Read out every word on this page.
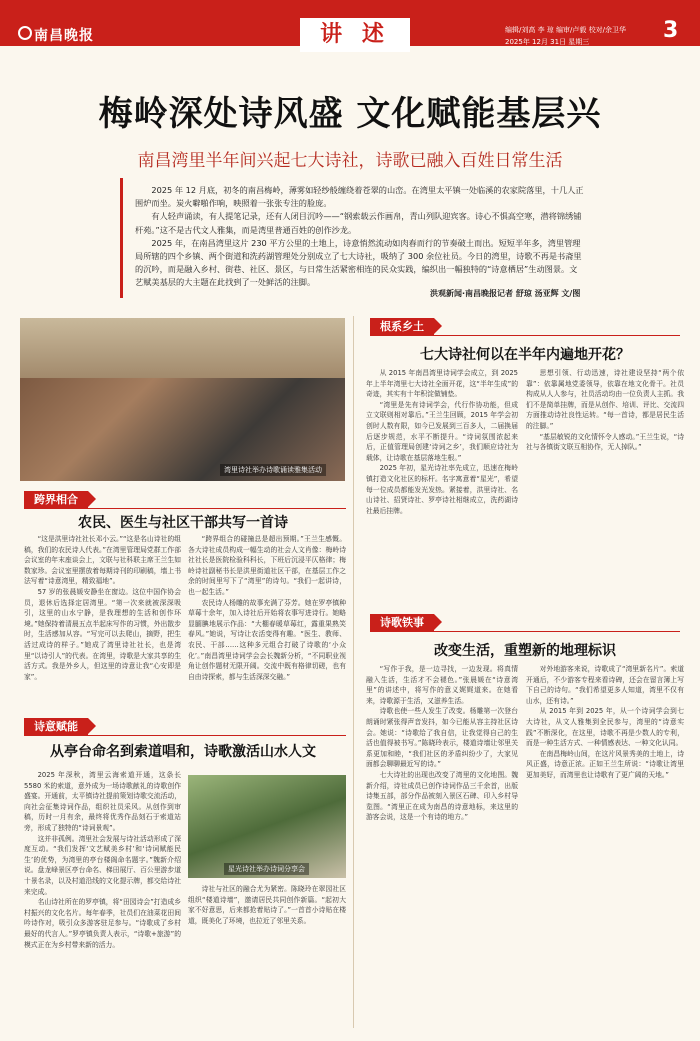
南昌晚报	讲 述	编辑/刘高 李 琼 编审/卢毅 校对/余卫华
2025年 12月 31日 星期三	3
梅岭深处诗风盛 文化赋能基层兴
南昌湾里半年间兴起七大诗社，诗歌已融入百姓日常生活

2025 年 12 月底，初冬的南昌梅岭，薄雾如轻纱般缠绕着苍翠的山峦。在湾里太平镇一处临溪的农家院落里，十几人正围炉而坐。炭火噼啪作响，映照着一张张专注的脸庞。

有人轻声诵读，有人提笔记录，还有人闭目沉吟——“钢索载云作画帛，青山列队迎宾客。诗心不惧高空寒，潜将锦绣铺杆苑。”这不是古代文人雅集，而是湾里普通百姓的创作沙龙。

2025 年，在南昌湾里这片 230 平方公里的土地上，诗意悄然流动如肉春而行的节奏破土而出。短短半年多，湾里管理局所辖的四个乡镇、两个街道和洗药湖管理处分别成立了七大诗社，吸纳了 300 余位社员。今日的湾里，诗歌不再是书斋里的沉吟，而是融入乡村、街巷、社区、景区，与日常生活紧密相连的民众实践，编织出一幅独特的“诗意栖居”生动图景。文艺赋美基层的大主题在此找到了一处鲜活的注脚。

洪观新闻·南昌晚报记者 舒琼 汤亚辉 文/图
湾里诗社举办诗歌诵读雅集活动
跨界相合
农民、医生与社区干部共写一首诗

“这是洪里诗社社长邓小云。”“这是名山诗社的组稿，我们的农民诗人代表。”在湾里管理局党群工作部会议室的年末座谈会上，文联与社科联主席王兰生如数家珍。会议室里摆放着每期诗刊的印刷稿，墙上书法写着“诗意湾里，精致福地”。

57 岁的张晨媛安静坐在窗边。这位中国作协会员，退休后选择定居湾里。“第一次来就被深深吸引，这里的山水宁静，是我理想的生活和创作环境。”她保持着清晨五点半起床写作的习惯，外出散步时，生活感加从容。“写完可以去爬山，摘野，把生活过成诗的样子。”她成了湾里诗社社长，也是湾里“以诗引人”的代表。在湾里，诗歌是大家共享的生活方式。我是外乡人，但这里的诗意让我“心安即是家”。

“跨界组合的碰撞总是超出预期。”王兰生感慨。各大诗社成员构成一幅生动的社会人文肖像：梅岭诗社社长是医院检验科科长，下班后沉浸平仄格律；梅岭诗社副秘书长是洪里街道社区干部，在基层工作之余的时间里写下了“湾里”的诗句。“我们一起讲诗，也一起生活。”

农民诗人杨雕的故事充满了芬芳。她在罗亭镇种草莓十余年，加入诗社后开始将农事写进诗行。她略显腼腆地展示作品：“大棚春暖草莓红，露重果熟笑春风。”她说，写诗让农活变得有趣。“医生、教师、农民、干部……这种多元组合打破了诗歌的‘小众化’。”南昌湾里诗词学会会长魏新分析，“不同职业视角让创作题材无限开阔。交流中既有格律切磋，也有自由诗探索，都与生活深深交融。”

诗意赋能
从亭台命名到索道唱和，诗歌激活山水人文

2025 年深秋，湾里云海索道开通，这条长 5580 米的索道，意外成为一场诗歌献礼的诗歌创作盛宴。开通前，太平镇诗社提前策划诗歌交流活动，向社会征集诗词作品，组织社员采风。从创作到审稿，历时一月有余，最终将优秀作品刻石于索道站旁，形成了独特的“诗词景观”。

这并非孤例。湾里社会发展与诗社活动形成了深度互动。“我们发挥‘文艺赋美乡村’和‘诗词赋能民生’的优势，为湾里的亭台楼阁命名题字。”魏新介绍说。盘龙峰景区亭台命名、梯田展厅、百公里游步道十景名录，以及村道沿线的文化提示牌，都交给诗社来完成。

名山诗社所在的罗亭镇，将“田园诗会”打造成乡村振兴的文化名片。每年春季，社员们在油菜花田间吟诗作对，吸引众多游客驻足参与。“诗歌成了乡村最好的代言人。”罗亭镇负责人表示，“诗歌+旅游”的模式正在为乡村带来新的活力。

星光诗社举办诗词分享会

诗社与社区的融合尤为紧密。陈晓玲在翠园社区组织“楼道诗墙”，邀请居民共同创作新篇。“起初大家不好意思，后来都抢着贴诗了。”一首首小诗贴在楼道，既美化了环境，也拉近了邻里关系。

根系乡土
七大诗社何以在半年内遍地开花？

从 2015 年南昌湾里诗词学会成立，到 2025 年上半年湾里七大诗社全面开花，这“半年生成”的奇迹，其实有十年积淀做铺垫。

“湾里是先有诗词学会，代行作协功能，但成立文联则相对靠后。”王兰生回顾，2015 年学会初创时人数有限，如今已发展到三百多人，二届换届后逐步规范，水平不断提升。“诗词氛围浓起来后，正值管理局创建‘诗词之乡’，我们顺应诗社为载体，让诗歌在基层落地生根。”

2025 年初，星光诗社率先成立，迅速在梅岭镇打造文化社区的标杆。名字寓意着“星光”，希望每一位成员都能发光发热。紧接着，洪里诗社、名山诗社、招贤诗社、罗亭诗社相继成立，洗药湖诗社最后挂牌。

思想引领、行动迅速，诗社建设坚持“两个依靠”：依靠属地党委领导，依靠在地文化骨干。社员构成从人人参与，社员活动均由一位负责人主抓。我们不是简单挂牌，而是从创作、培训、评比、交流四方面推动诗社良性运转。“每一首诗，都是居民生活的注脚。”

“基层敏锐的文化情怀令人感动。”王兰生说，“诗社与各镇街文联互相协作，无人掉队。”

诗歌铁事
改变生活，重塑新的地理标识

“写作于我，是一边寻找，一边发现。将真情融入生活，生活才不会褪色。”张晨媛在“诗意湾里”的讲述中，将写作的意义娓娓道来。在她看来，诗歌源于生活，又滋养生活。

诗歌也使一些人发生了改变。杨雕第一次登台朗诵时紧张得声音发抖，如今已能从容主持社区诗会。她说：“诗歌给了我自信，让我觉得自己的生活也值得被书写。”陈晓玲表示，楼道诗墙让邻里关系更加和睦，“我们社区的矛盾纠纷少了，大家见面都会聊聊最近写的诗。”

七大诗社的出现也改变了湾里的文化地图。魏新介绍，诗社成员已创作诗词作品三千余首，出版诗集五部，部分作品被刻入景区石碑、印入乡村导览图。“湾里正在成为南昌的诗意地标，来这里的游客会说，这是一个有诗的地方。”

对外地游客来说，诗歌成了“湾里新名片”。索道开通后，不少游客专程来看诗碑，还会在留言簿上写下自己的诗句。“我们希望更多人知道，湾里不仅有山水，还有诗。”

从 2015 年到 2025 年，从一个诗词学会到七大诗社，从文人雅集到全民参与，湾里的“诗意实践”不断深化，在这里，诗歌不再是少数人的专利，而是一种生活方式、一种情感表达、一种文化认同。

在南昌梅岭山间，在这片风景秀美的土地上，诗风正盛，诗意正浓。正如王兰生所说：“诗歌让湾里更加美好，而湾里也让诗歌有了更广阔的天地。”
